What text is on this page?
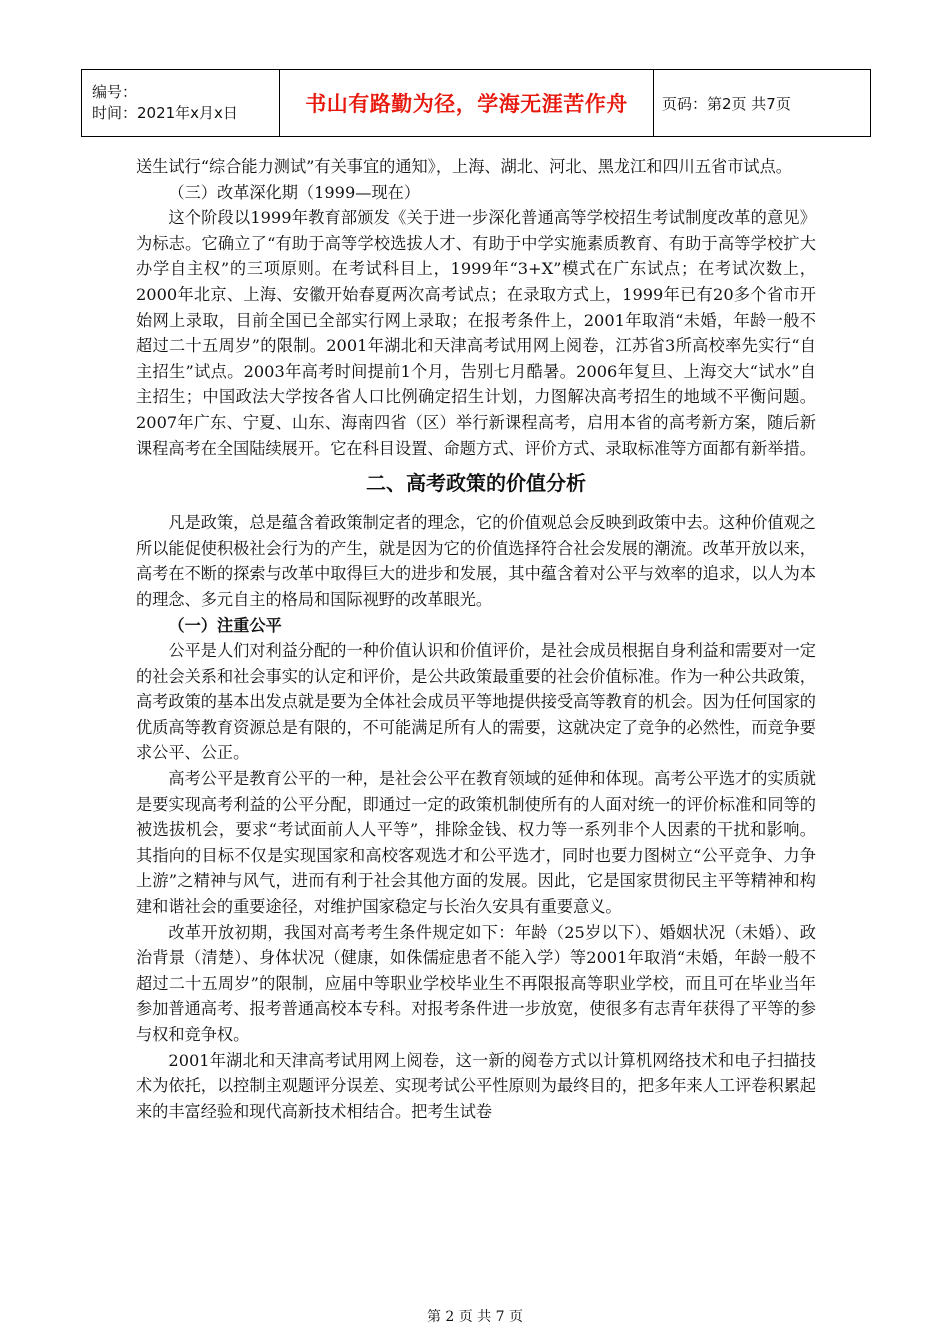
编号：
时间：2021年x月x日	书山有路勤为径，学海无涯苦作舟 页码：第2页 共7页

送生试行“综合能力测试”有关事宜的通知》，上海、湖北、河北、黑龙江和四川五省市试点。

（三）改革深化期（1999—现在）

这个阶段以1999年教育部颁发《关于进一步深化普通高等学校招生考试制度改革的意见》为标志。它确立了“有助于高等学校选拔人才、有助于中学实施素质教育、有助于高等学校扩大办学自主权”的三项原则。在考试科目上，1999年“3+X”模式在广东试点；在考试次数上，2000年北京、上海、安徽开始春夏两次高考试点；在录取方式上，1999年已有20多个省市开始网上录取，目前全国已全部实行网上录取；在报考条件上，2001年取消“未婚，年龄一般不超过二十五周岁”的限制。2001年湖北和天津高考试用网上阅卷，江苏省3所高校率先实行“自主招生”试点。2003年高考时间提前1个月，告别七月酷暑。2006年复旦、上海交大“试水”自主招生；中国政法大学按各省人口比例确定招生计划，力图解决高考招生的地域不平衡问题。2007年广东、宁夏、山东、海南四省（区）举行新课程高考，启用本省的高考新方案，随后新课程高考在全国陆续展开。它在科目设置、命题方式、评价方式、录取标准等方面都有新举措。

二、高考政策的价值分析

凡是政策，总是蕴含着政策制定者的理念，它的价值观总会反映到政策中去。这种价值观之所以能促使积极社会行为的产生，就是因为它的价值选择符合社会发展的潮流。改革开放以来，高考在不断的探索与改革中取得巨大的进步和发展，其中蕴含着对公平与效率的追求，以人为本的理念、多元自主的格局和国际视野的改革眼光。

（一）注重公平

公平是人们对利益分配的一种价值认识和价值评价，是社会成员根据自身利益和需要对一定的社会关系和社会事实的认定和评价，是公共政策最重要的社会价值标准。作为一种公共政策，高考政策的基本出发点就是要为全体社会成员平等地提供接受高等教育的机会。因为任何国家的优质高等教育资源总是有限的，不可能满足所有人的需要，这就决定了竞争的必然性，而竞争要求公平、公正。

高考公平是教育公平的一种，是社会公平在教育领域的延伸和体现。高考公平选才的实质就是要实现高考利益的公平分配，即通过一定的政策机制使所有的人面对统一的评价标准和同等的被选拔机会，要求“考试面前人人平等”，排除金钱、权力等一系列非个人因素的干扰和影响。其指向的目标不仅是实现国家和高校客观选才和公平选才，同时也要力图树立“公平竞争、力争上游”之精神与风气，进而有利于社会其他方面的发展。因此，它是国家贯彻民主平等精神和构建和谐社会的重要途径，对维护国家稳定与长治久安具有重要意义。

改革开放初期，我国对高考考生条件规定如下：年龄（25岁以下）、婚姻状况（未婚）、政治背景（清楚）、身体状况（健康，如侏儒症患者不能入学）等2001年取消“未婚，年龄一般不超过二十五周岁”的限制，应届中等职业学校毕业生不再限报高等职业学校，而且可在毕业当年参加普通高考、报考普通高校本专科。对报考条件进一步放宽，使很多有志青年获得了平等的参与权和竞争权。

2001年湖北和天津高考试用网上阅卷，这一新的阅卷方式以计算机网络技术和电子扫描技术为依托，以控制主观题评分误差、实现考试公平性原则为最终目的，把多年来人工评卷积累起来的丰富经验和现代高新技术相结合。把考生试卷

第 2 页 共 7 页
